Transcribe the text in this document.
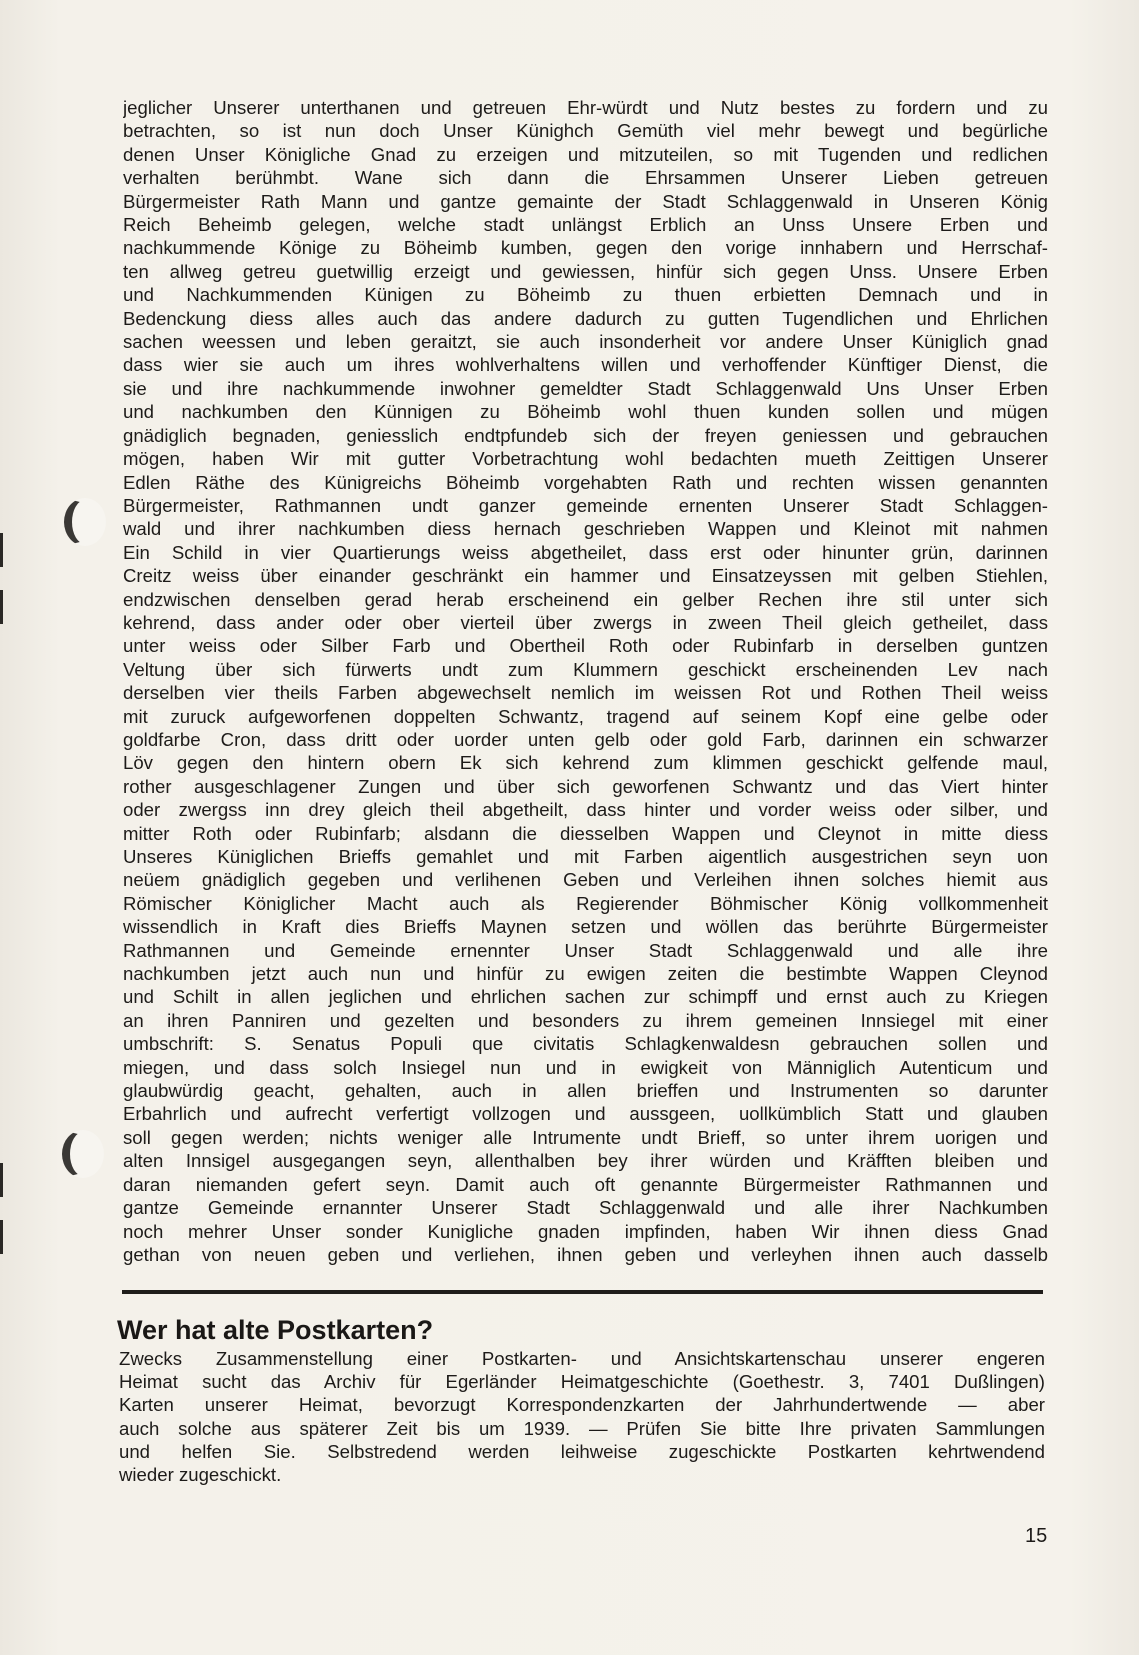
jeglicher Unserer unterthanen und getreuen Ehr-würdt und Nutz bestes zu fordern und zu
betrachten, so ist nun doch Unser Künighch Gemüth viel mehr bewegt und begürliche
denen Unser Königliche Gnad zu erzeigen und mitzuteilen, so mit Tugenden und redlichen
verhalten berühmbt. Wane sich dann die Ehrsammen Unserer Lieben getreuen
Bürgermeister Rath Mann und gantze gemainte der Stadt Schlaggenwald in Unseren König
Reich Beheimb gelegen, welche stadt unlängst Erblich an Unss Unsere Erben und
nachkummende Könige zu Böheimb kumben, gegen den vorige innhabern und Herrschaf-
ten allweg getreu guetwillig erzeigt und gewiessen, hinfür sich gegen Unss. Unsere Erben
und Nachkummenden Künigen zu Böheimb zu thuen erbietten Demnach und in
Bedenckung diess alles auch das andere dadurch zu gutten Tugendlichen und Ehrlichen
sachen weessen und leben geraitzt, sie auch insonderheit vor andere Unser Küniglich gnad
dass wier sie auch um ihres wohlverhaltens willen und verhoffender Künftiger Dienst, die
sie und ihre nachkummende inwohner gemeldter Stadt Schlaggenwald Uns Unser Erben
und nachkumben den Künnigen zu Böheimb wohl thuen kunden sollen und mügen
gnädiglich begnaden, geniesslich endtpfundeb sich der freyen geniessen und gebrauchen
mögen, haben Wir mit gutter Vorbetrachtung wohl bedachten mueth Zeittigen Unserer
Edlen Räthe des Künigreichs Böheimb vorgehabten Rath und rechten wissen genannten
Bürgermeister, Rathmannen undt ganzer gemeinde ernenten Unserer Stadt Schlaggen-
wald und ihrer nachkumben diess hernach geschrieben Wappen und Kleinot mit nahmen
Ein Schild in vier Quartierungs weiss abgetheilet, dass erst oder hinunter grün, darinnen
Creitz weiss über einander geschränkt ein hammer und Einsatzeyssen mit gelben Stiehlen,
endzwischen denselben gerad herab erscheinend ein gelber Rechen ihre stil unter sich
kehrend, dass ander oder ober vierteil über zwergs in zween Theil gleich getheilet, dass
unter weiss oder Silber Farb und Obertheil Roth oder Rubinfarb in derselben guntzen
Veltung über sich fürwerts undt zum Klummern geschickt erscheinenden Lev nach
derselben vier theils Farben abgewechselt nemlich im weissen Rot und Rothen Theil weiss
mit zuruck aufgeworfenen doppelten Schwantz, tragend auf seinem Kopf eine gelbe oder
goldfarbe Cron, dass dritt oder uorder unten gelb oder gold Farb, darinnen ein schwarzer
Löv gegen den hintern obern Ek sich kehrend zum klimmen geschickt gelfende maul,
rother ausgeschlagener Zungen und über sich geworfenen Schwantz und das Viert hinter
oder zwergss inn drey gleich theil abgetheilt, dass hinter und vorder weiss oder silber, und
mitter Roth oder Rubinfarb; alsdann die diesselben Wappen und Cleynot in mitte diess
Unseres Küniglichen Brieffs gemahlet und mit Farben aigentlich ausgestrichen seyn uon
neüem gnädiglich gegeben und verlihenen Geben und Verleihen ihnen solches hiemit aus
Römischer Königlicher Macht auch als Regierender Böhmischer König vollkommenheit
wissendlich in Kraft dies Brieffs Maynen setzen und wöllen das berührte Bürgermeister
Rathmannen und Gemeinde ernennter Unser Stadt Schlaggenwald und alle ihre
nachkumben jetzt auch nun und hinfür zu ewigen zeiten die bestimbte Wappen Cleynod
und Schilt in allen jeglichen und ehrlichen sachen zur schimpff und ernst auch zu Kriegen
an ihren Panniren und gezelten und besonders zu ihrem gemeinen Innsiegel mit einer
umbschrift: S. Senatus Populi que civitatis Schlagkenwaldesn gebrauchen sollen und
miegen, und dass solch Insiegel nun und in ewigkeit von Männiglich Autenticum und
glaubwürdig geacht, gehalten, auch in allen brieffen und Instrumenten so darunter
Erbahrlich und aufrecht verfertigt vollzogen und aussgeen, uollkümblich Statt und glauben
soll gegen werden; nichts weniger alle Intrumente undt Brieff, so unter ihrem uorigen und
alten Innsigel ausgegangen seyn, allenthalben bey ihrer würden und Kräfften bleiben und
daran niemanden gefert seyn. Damit auch oft genannte Bürgermeister Rathmannen und
gantze Gemeinde ernannter Unserer Stadt Schlaggenwald und alle ihrer Nachkumben
noch mehrer Unser sonder Kunigliche gnaden impfinden, haben Wir ihnen diess Gnad
gethan von neuen geben und verliehen, ihnen geben und verleyhen ihnen auch dasselb
Wer hat alte Postkarten?
Zwecks Zusammenstellung einer Postkarten- und Ansichtskartenschau unserer engeren
Heimat sucht das Archiv für Egerländer Heimatgeschichte (Goethestr. 3, 7401 Dußlingen)
Karten unserer Heimat, bevorzugt Korrespondenzkarten der Jahrhundertwende — aber
auch solche aus späterer Zeit bis um 1939. — Prüfen Sie bitte Ihre privaten Sammlungen
und helfen Sie. Selbstredend werden leihweise zugeschickte Postkarten kehrtwendend
wieder zugeschickt.
15
